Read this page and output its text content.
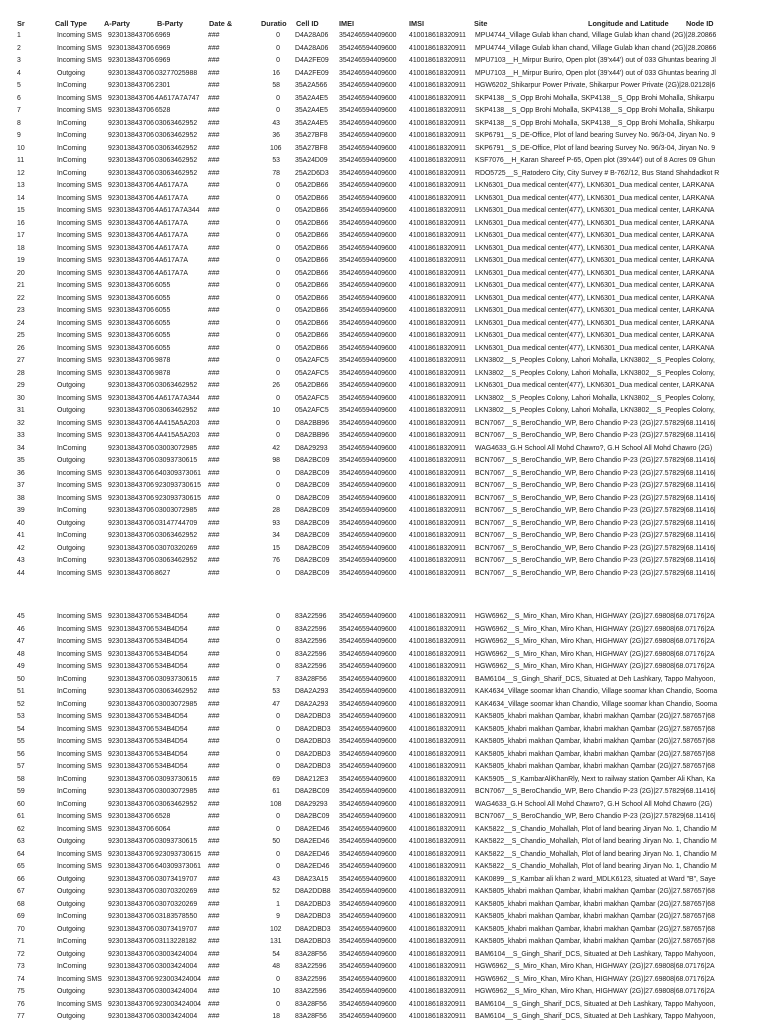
Sr	Call Type A-Party	B-Party	Date &	Duratio Cell ID	IMEI	IMSI	Site	Longitude and Latitude Node ID
1	Incoming SMS 923013843706 6969	###	0 D4A28A06	354246594409600	410018618320911	MPU4744_Village Gulab khan chand, Village Gulab khan chand (2G)|28.20866
2	Incoming SMS 923013843706 6969	###	0 D4A28A06	354246594409600	410018618320911	MPU4744_Village Gulab khan chand, Village Gulab khan chand (2G)|28.20866
3	Incoming SMS 923013843706 6969	###	0 D4A2FE09	354246594409600	410018618320911	MPU7103__H_Mirpur Buriro, Open plot (39'x44') out of 033 Ghuntas bearing Jl
4	Outgoing	923013843706 03277025988	###	16 D4A2FE09	354246594409600	410018618320911	MPU7103__H_Mirpur Buriro, Open plot (39'x44') out of 033 Ghuntas bearing Jl
5	InComing	923013843706 2301	###	58 35A2A566	354246594409600	410018618320911	HGW6202_Shikarpur Power Private, Shikarpur Power Private (2G)|28.02128|6
6	Incoming SMS 923013843706 4A617A7A747	###	0 35A2A4E5	354246594409600	410018618320911	SKP4138__S_Opp Brohi Mohalla, SKP4138__S_Opp Brohi Mohalla, Shikarpu
7	Incoming SMS 923013843706 6528	###	0 35A2A4E5	354246594409600	410018618320911	SKP4138__S_Opp Brohi Mohalla, SKP4138__S_Opp Brohi Mohalla, Shikarpu
8	InComing	923013843706 03063462952	###	43 35A2A4E5	354246594409600	410018618320911	SKP4138__S_Opp Brohi Mohalla, SKP4138__S_Opp Brohi Mohalla, Shikarpu
9	InComing	923013843706 03063462952	###	36 35A27BF8	354246594409600	410018618320911	SKP6791__S_DE-Office, Plot of land bearing Survey No. 96/3-04, Jiryan No. 9
10	InComing	923013843706 03063462952	###	106 35A27BF8	354246594409600	410018618320911	SKP6791__S_DE-Office, Plot of land bearing Survey No. 96/3-04, Jiryan No. 9
11	InComing	923013843706 03063462952	###	53 35A24D09	354246594409600	410018618320911	KSF7076__H_Karan Shareef P-65, Open plot (39'x44') out of 8 Acres 09 Ghun
12	InComing	923013843706 03063462952	###	78 25A2D6D3	354246594409600	410018618320911	RDO5725__S_Ratodero City, City Survey # B-762/12, Bus Stand Shahdadkot R
13	Incoming SMS 923013843706 4A617A7A	###	0 05A2DB66	354246594409600	410018618320911	LKN6301_Dua medical center(477), LKN6301_Dua medical center, LARKANA
14	Incoming SMS 923013843706 4A617A7A	###	0 05A2DB66	354246594409600	410018618320911	LKN6301_Dua medical center(477), LKN6301_Dua medical center, LARKANA
15	Incoming SMS 923013843706 4A617A7A344	###	0 05A2DB66	354246594409600	410018618320911	LKN6301_Dua medical center(477), LKN6301_Dua medical center, LARKANA
16	Incoming SMS 923013843706 4A617A7A	###	0 05A2DB66	354246594409600	410018618320911	LKN6301_Dua medical center(477), LKN6301_Dua medical center, LARKANA
17	Incoming SMS 923013843706 4A617A7A	###	0 05A2DB66	354246594409600	410018618320911	LKN6301_Dua medical center(477), LKN6301_Dua medical center, LARKANA
18	Incoming SMS 923013843706 4A617A7A	###	0 05A2DB66	354246594409600	410018618320911	LKN6301_Dua medical center(477), LKN6301_Dua medical center, LARKANA
19	Incoming SMS 923013843706 4A617A7A	###	0 05A2DB66	354246594409600	410018618320911	LKN6301_Dua medical center(477), LKN6301_Dua medical center, LARKANA
20	Incoming SMS 923013843706 4A617A7A	###	0 05A2DB66	354246594409600	410018618320911	LKN6301_Dua medical center(477), LKN6301_Dua medical center, LARKANA
21	Incoming SMS 923013843706 6055	###	0 05A2DB66	354246594409600	410018618320911	LKN6301_Dua medical center(477), LKN6301_Dua medical center, LARKANA
22	Incoming SMS 923013843706 6055	###	0 05A2DB66	354246594409600	410018618320911	LKN6301_Dua medical center(477), LKN6301_Dua medical center, LARKANA
23	Incoming SMS 923013843706 6055	###	0 05A2DB66	354246594409600	410018618320911	LKN6301_Dua medical center(477), LKN6301_Dua medical center, LARKANA
24	Incoming SMS 923013843706 6055	###	0 05A2DB66	354246594409600	410018618320911	LKN6301_Dua medical center(477), LKN6301_Dua medical center, LARKANA
25	Incoming SMS 923013843706 6055	###	0 05A2DB66	354246594409600	410018618320911	LKN6301_Dua medical center(477), LKN6301_Dua medical center, LARKANA
26	Incoming SMS 923013843706 6055	###	0 05A2DB66	354246594409600	410018618320911	LKN6301_Dua medical center(477), LKN6301_Dua medical center, LARKANA
27	Incoming SMS 923013843706 9878	###	0 05A2AFC5	354246594409600	410018618320911	LKN3802__S_Peoples Colony, Lahori Mohalla, LKN3802__S_Peoples Colony,
28	Incoming SMS 923013843706 9878	###	0 05A2AFC5	354246594409600	410018618320911	LKN3802__S_Peoples Colony, Lahori Mohalla, LKN3802__S_Peoples Colony,
29	Outgoing	923013843706 03063462952	###	26 05A2DB66	354246594409600	410018618320911	LKN6301_Dua medical center(477), LKN6301_Dua medical center, LARKANA
30	Incoming SMS 923013843706 4A617A7A344	###	0 05A2AFC5	354246594409600	410018618320911	LKN3802__S_Peoples Colony, Lahori Mohalla, LKN3802__S_Peoples Colony,
31	Outgoing	923013843706 03063462952	###	10 05A2AFC5	354246594409600	410018618320911	LKN3802__S_Peoples Colony, Lahori Mohalla, LKN3802__S_Peoples Colony,
32	Incoming SMS 923013843706 4A415A5A203	###	0 D8A2BB96	354246594409600	410018618320911	BCN7067__S_BeroChandio_WP, Bero Chandio P-23 (2G)|27.57829|68.11416|
33	Incoming SMS 923013843706 4A415A5A203	###	0 D8A2BB96	354246594409600	410018618320911	BCN7067__S_BeroChandio_WP, Bero Chandio P-23 (2G)|27.57829|68.11416|
34	InComing	923013843706 03003072985	###	42 D8A29293	354246594409600	410018618320911	WAG4633_G.H School All Mohd Chawro?, G.H School All Mohd Chawro (2G)
35	Outgoing	923013843706 03093730615	###	98 D8A2BC09	354246594409600	410018618320911	BCN7067__S_BeroChandio_WP, Bero Chandio P-23 (2G)|27.57829|68.11416|
36	Incoming SMS 923013843706 640309373061	###	0 D8A2BC09	354246594409600	410018618320911	BCN7067__S_BeroChandio_WP, Bero Chandio P-23 (2G)|27.57829|68.11416|
37	Incoming SMS 923013843706 923093730615	###	0 D8A2BC09	354246594409600	410018618320911	BCN7067__S_BeroChandio_WP, Bero Chandio P-23 (2G)|27.57829|68.11416|
38	Incoming SMS 923013843706 923093730615	###	0 D8A2BC09	354246594409600	410018618320911	BCN7067__S_BeroChandio_WP, Bero Chandio P-23 (2G)|27.57829|68.11416|
39	InComing	923013843706 03003072985	###	28 D8A2BC09	354246594409600	410018618320911	BCN7067__S_BeroChandio_WP, Bero Chandio P-23 (2G)|27.57829|68.11416|
40	Outgoing	923013843706 03147744709	###	93 D8A2BC09	354246594409600	410018618320911	BCN7067__S_BeroChandio_WP, Bero Chandio P-23 (2G)|27.57829|68.11416|
41	InComing	923013843706 03063462952	###	34 D8A2BC09	354246594409600	410018618320911	BCN7067__S_BeroChandio_WP, Bero Chandio P-23 (2G)|27.57829|68.11416|
42	Outgoing	923013843706 03070320269	###	15 D8A2BC09	354246594409600	410018618320911	BCN7067__S_BeroChandio_WP, Bero Chandio P-23 (2G)|27.57829|68.11416|
43	InComing	923013843706 03063462952	###	76 D8A2BC09	354246594409600	410018618320911	BCN7067__S_BeroChandio_WP, Bero Chandio P-23 (2G)|27.57829|68.11416|
44	Incoming SMS 923013843706 8627	###	0 D8A2BC09	354246594409600	410018618320911	BCN7067__S_BeroChandio_WP, Bero Chandio P-23 (2G)|27.57829|68.11416|
45	Incoming SMS 923013843706 534B4D54	###	0 83A22596	354246594409600	410018618320911	HGW6962__S_Miro_Khan, Miro Khan, HIGHWAY (2G)|27.69808|68.07176|2A
46	Incoming SMS 923013843706 534B4D54	###	0 83A22596	354246594409600	410018618320911	HGW6962__S_Miro_Khan, Miro Khan, HIGHWAY (2G)|27.69808|68.07176|2A
47	Incoming SMS 923013843706 534B4D54	###	0 83A22596	354246594409600	410018618320911	HGW6962__S_Miro_Khan, Miro Khan, HIGHWAY (2G)|27.69808|68.07176|2A
48	Incoming SMS 923013843706 534B4D54	###	0 83A22596	354246594409600	410018618320911	HGW6962__S_Miro_Khan, Miro Khan, HIGHWAY (2G)|27.69808|68.07176|2A
49	Incoming SMS 923013843706 534B4D54	###	0 83A22596	354246594409600	410018618320911	HGW6962__S_Miro_Khan, Miro Khan, HIGHWAY (2G)|27.69808|68.07176|2A
50	InComing	923013843706 03093730615	###	7 83A28F56	354246594409600	410018618320911	BAM6104__S_Gingh_Sharif_DCS, Situated at Deh Lashkary, Tappo Mahyoon,
51	InComing	923013843706 03063462952	###	53 D8A2A293	354246594409600	410018618320911	KAK4634_Village soomar khan Chandio, Village soomar khan Chandio, Sooma
52	InComing	923013843706 03003072985	###	47 D8A2A293	354246594409600	410018618320911	KAK4634_Village soomar khan Chandio, Village soomar khan Chandio, Sooma
53	Incoming SMS 923013843706 534B4D54	###	0 D8A2DBD3	354246594409600	410018618320911	KAK5805_khabri makhan Qambar, khabri makhan Qambar (2G)|27.587657|68
54	Incoming SMS 923013843706 534B4D54	###	0 D8A2DBD3	354246594409600	410018618320911	KAK5805_khabri makhan Qambar, khabri makhan Qambar (2G)|27.587657|68
55	Incoming SMS 923013843706 534B4D54	###	0 D8A2DBD3	354246594409600	410018618320911	KAK5805_khabri makhan Qambar, khabri makhan Qambar (2G)|27.587657|68
56	Incoming SMS 923013843706 534B4D54	###	0 D8A2DBD3	354246594409600	410018618320911	KAK5805_khabri makhan Qambar, khabri makhan Qambar (2G)|27.587657|68
57	Incoming SMS 923013843706 534B4D54	###	0 D8A2DBD3	354246594409600	410018618320911	KAK5805_khabri makhan Qambar, khabri makhan Qambar (2G)|27.587657|68
58	InComing	923013843706 03093730615	###	69 D8A212E3	354246594409600	410018618320911	KAK5905__S_KambarAliKhanRly, Next to railway station Qamber Ali Khan, Ka
59	InComing	923013843706 03003072985	###	61 D8A2BC09	354246594409600	410018618320911	BCN7067__S_BeroChandio_WP, Bero Chandio P-23 (2G)|27.57829|68.11416|
60	InComing	923013843706 03063462952	###	108 D8A29293	354246594409600	410018618320911	WAG4633_G.H School All Mohd Chawro?, G.H School All Mohd Chawro (2G)
61	Incoming SMS 923013843706 6528	###	0 D8A2BC09	354246594409600	410018618320911	BCN7067__S_BeroChandio_WP, Bero Chandio P-23 (2G)|27.57829|68.11416|
62	Incoming SMS 923013843706 6064	###	0 D8A2ED46	354246594409600	410018618320911	KAK5822__S_Chandio_Mohallah, Plot of land bearing Jiryan No. 1, Chandio M
63	Outgoing	923013843706 03093730615	###	50 D8A2ED46	354246594409600	410018618320911	KAK5822__S_Chandio_Mohallah, Plot of land bearing Jiryan No. 1, Chandio M
64	Incoming SMS 923013843706 923093730615	###	0 D8A2ED46	354246594409600	410018618320911	KAK5822__S_Chandio_Mohallah, Plot of land bearing Jiryan No. 1, Chandio M
65	Incoming SMS 923013843706 640309373061	###	0 D8A2ED46	354246594409600	410018618320911	KAK5822__S_Chandio_Mohallah, Plot of land bearing Jiryan No. 1, Chandio M
66	Outgoing	923013843706 03073419707	###	43 D8A23A15	354246594409600	410018618320911	KAK0899__S_Kambar ali khan 2 ward_MDLK6123, situated at Ward "B", Saye
67	Outgoing	923013843706 03070320269	###	52 D8A2DDB8	354246594409600	410018618320911	KAK5805_khabri makhan Qambar, khabri makhan Qambar (2G)|27.587657|68
68	Outgoing	923013843706 03070320269	###	1 D8A2DBD3	354246594409600	410018618320911	KAK5805_khabri makhan Qambar, khabri makhan Qambar (2G)|27.587657|68
69	InComing	923013843706 03183578550	###	9 D8A2DBD3	354246594409600	410018618320911	KAK5805_khabri makhan Qambar, khabri makhan Qambar (2G)|27.587657|68
70	Outgoing	923013843706 03073419707	###	102 D8A2DBD3	354246594409600	410018618320911	KAK5805_khabri makhan Qambar, khabri makhan Qambar (2G)|27.587657|68
71	InComing	923013843706 03113228182	###	131 D8A2DBD3	354246594409600	410018618320911	KAK5805_khabri makhan Qambar, khabri makhan Qambar (2G)|27.587657|68
72	Outgoing	923013843706 03003424004	###	54 83A28F56	354246594409600	410018618320911	BAM6104__S_Gingh_Sharif_DCS, Situated at Deh Lashkary, Tappo Mahyoon,
73	InComing	923013843706 03003424004	###	48 83A22596	354246594409600	410018618320911	HGW6962__S_Miro_Khan, Miro Khan, HIGHWAY (2G)|27.69808|68.07176|2A
74	Incoming SMS 923013843706 923003424004	###	0 83A22596	354246594409600	410018618320911	HGW6962__S_Miro_Khan, Miro Khan, HIGHWAY (2G)|27.69808|68.07176|2A
75	Outgoing	923013843706 03003424004	###	10 83A22596	354246594409600	410018618320911	HGW6962__S_Miro_Khan, Miro Khan, HIGHWAY (2G)|27.69808|68.07176|2A
76	Incoming SMS 923013843706 923003424004	###	0 83A28F56	354246594409600	410018618320911	BAM6104__S_Gingh_Sharif_DCS, Situated at Deh Lashkary, Tappo Mahyoon,
77	Outgoing	923013843706 03003424004	###	18 83A28F56	354246594409600	410018618320911	BAM6104__S_Gingh_Sharif_DCS, Situated at Deh Lashkary, Tappo Mahyoon,
